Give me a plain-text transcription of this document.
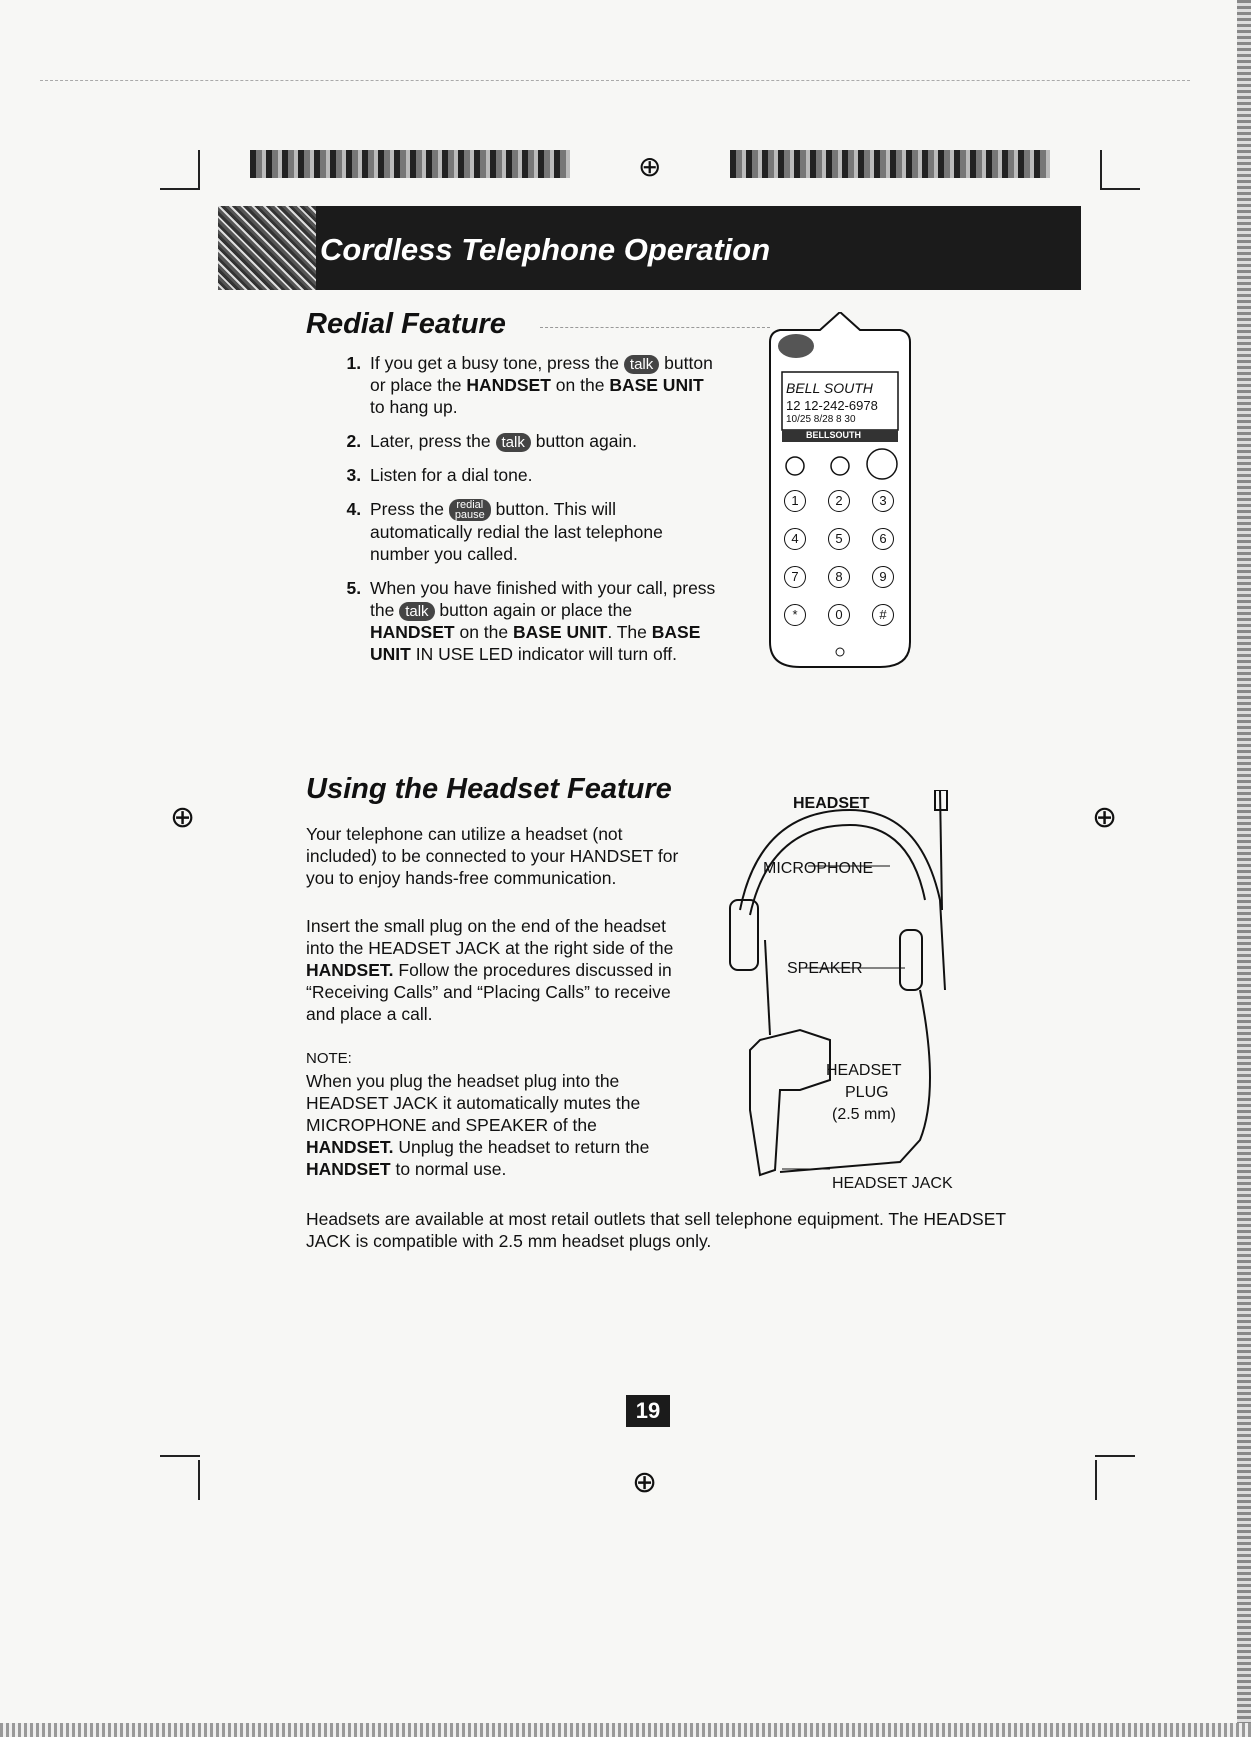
⊕
⊕	⊕
⊕
Cordless Telephone Operation
Redial Feature
1. If you get a busy tone, press the talk button or place the HANDSET on the BASE UNIT to hang up.
2. Later, press the talk button again.
3. Listen for a dial tone.
4. Press the redial
pause button. This will automatically redial the last telephone number you called.
5. When you have finished with your call, press the talk button again or place the HANDSET on the BASE UNIT. The BASE UNIT IN USE LED indicator will turn off.
BELL SOUTH
12 12-242-6978
10/25 8/28 8 30
BELLSOUTH
1	2	3
4	5	6
7	8	9
*	0	#
Using the Headset Feature
Your telephone can utilize a headset (not included) to be connected to your HANDSET for you to enjoy hands-free communication.
Insert the small plug on the end of the headset into the HEADSET JACK at the right side of the HANDSET. Follow the procedures discussed in “Receiving Calls” and “Placing Calls” to receive and place a call.
NOTE:
When you plug the headset plug into the HEADSET JACK it automatically mutes the MICROPHONE and SPEAKER of the HANDSET. Unplug the headset to return the HANDSET to normal use.
HEADSET
MICROPHONE
SPEAKER
HEADSET
PLUG
(2.5 mm)
HEADSET JACK
Headsets are available at most retail outlets that sell telephone equipment. The HEADSET JACK is compatible with 2.5 mm headset plugs only.
19
